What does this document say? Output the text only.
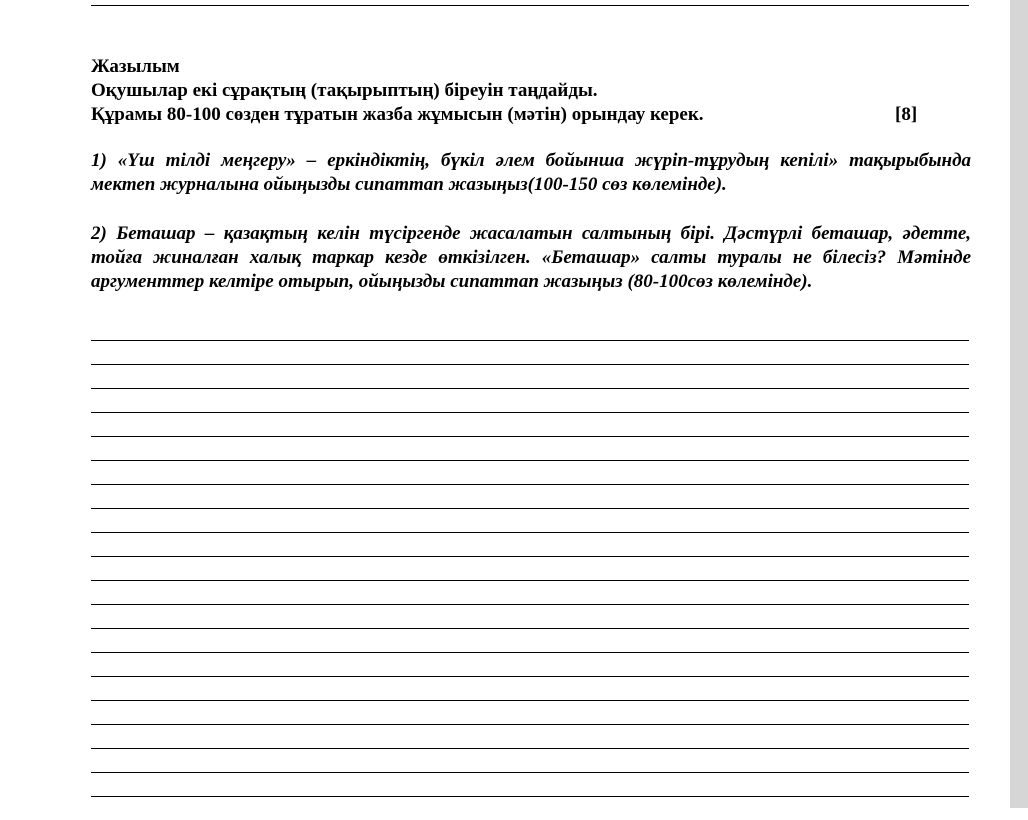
Жазылым
Оқушылар екі сұрақтың (тақырыптың) біреуін таңдайды.
Құрамы 80-100 сөзден тұратын жазба жұмысын (мәтін) орындау керек.	[8]
1) «Үш тілді меңгеру» – еркіндіктің, бүкіл әлем бойынша жүріп-тұрудың кепілі» тақырыбында мектеп журналына ойыңызды сипаттап жазыңыз(100-150 сөз көлемінде).
2) Беташар – қазақтың келін түсіргенде жасалатын салтының бірі. Дәстүрлі беташар, әдетте, тойға жиналған халық таркар кезде өткізілген. «Беташар» салты туралы не білесіз? Мәтінде аргументтер келтіре отырып, ойыңызды сипаттап жазыңыз (80-100сөз көлемінде).
